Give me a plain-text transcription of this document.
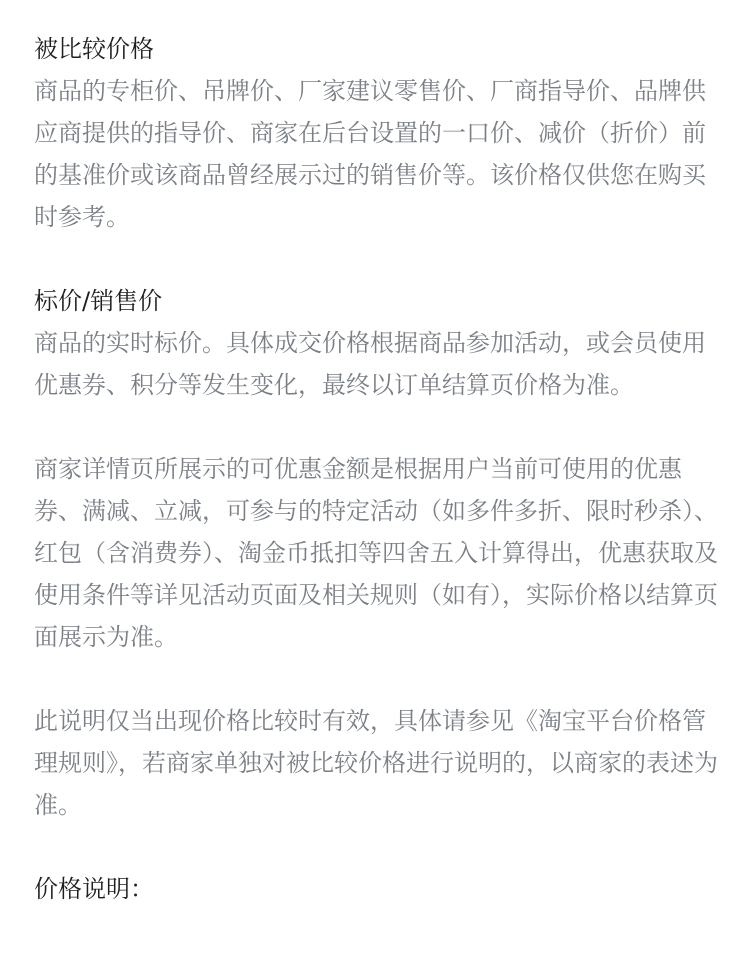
被比较价格

商品的专柜价、吊牌价、厂家建议零售价、厂商指导价、品牌供应商提供的指导价、商家在后台设置的一口价、减价（折价）前的基准价或该商品曾经展示过的销售价等。该价格仅供您在购买时参考。

标价/销售价

商品的实时标价。具体成交价格根据商品参加活动，或会员使用优惠券、积分等发生变化，最终以订单结算页价格为准。

商家详情页所展示的可优惠金额是根据用户当前可使用的优惠券、满减、立减，可参与的特定活动（如多件多折、限时秒杀）、红包（含消费券）、淘金币抵扣等四舍五入计算得出，优惠获取及使用条件等详见活动页面及相关规则（如有），实际价格以结算页面展示为准。

此说明仅当出现价格比较时有效，具体请参见《淘宝平台价格管理规则》，若商家单独对被比较价格进行说明的，以商家的表述为准。

价格说明：
